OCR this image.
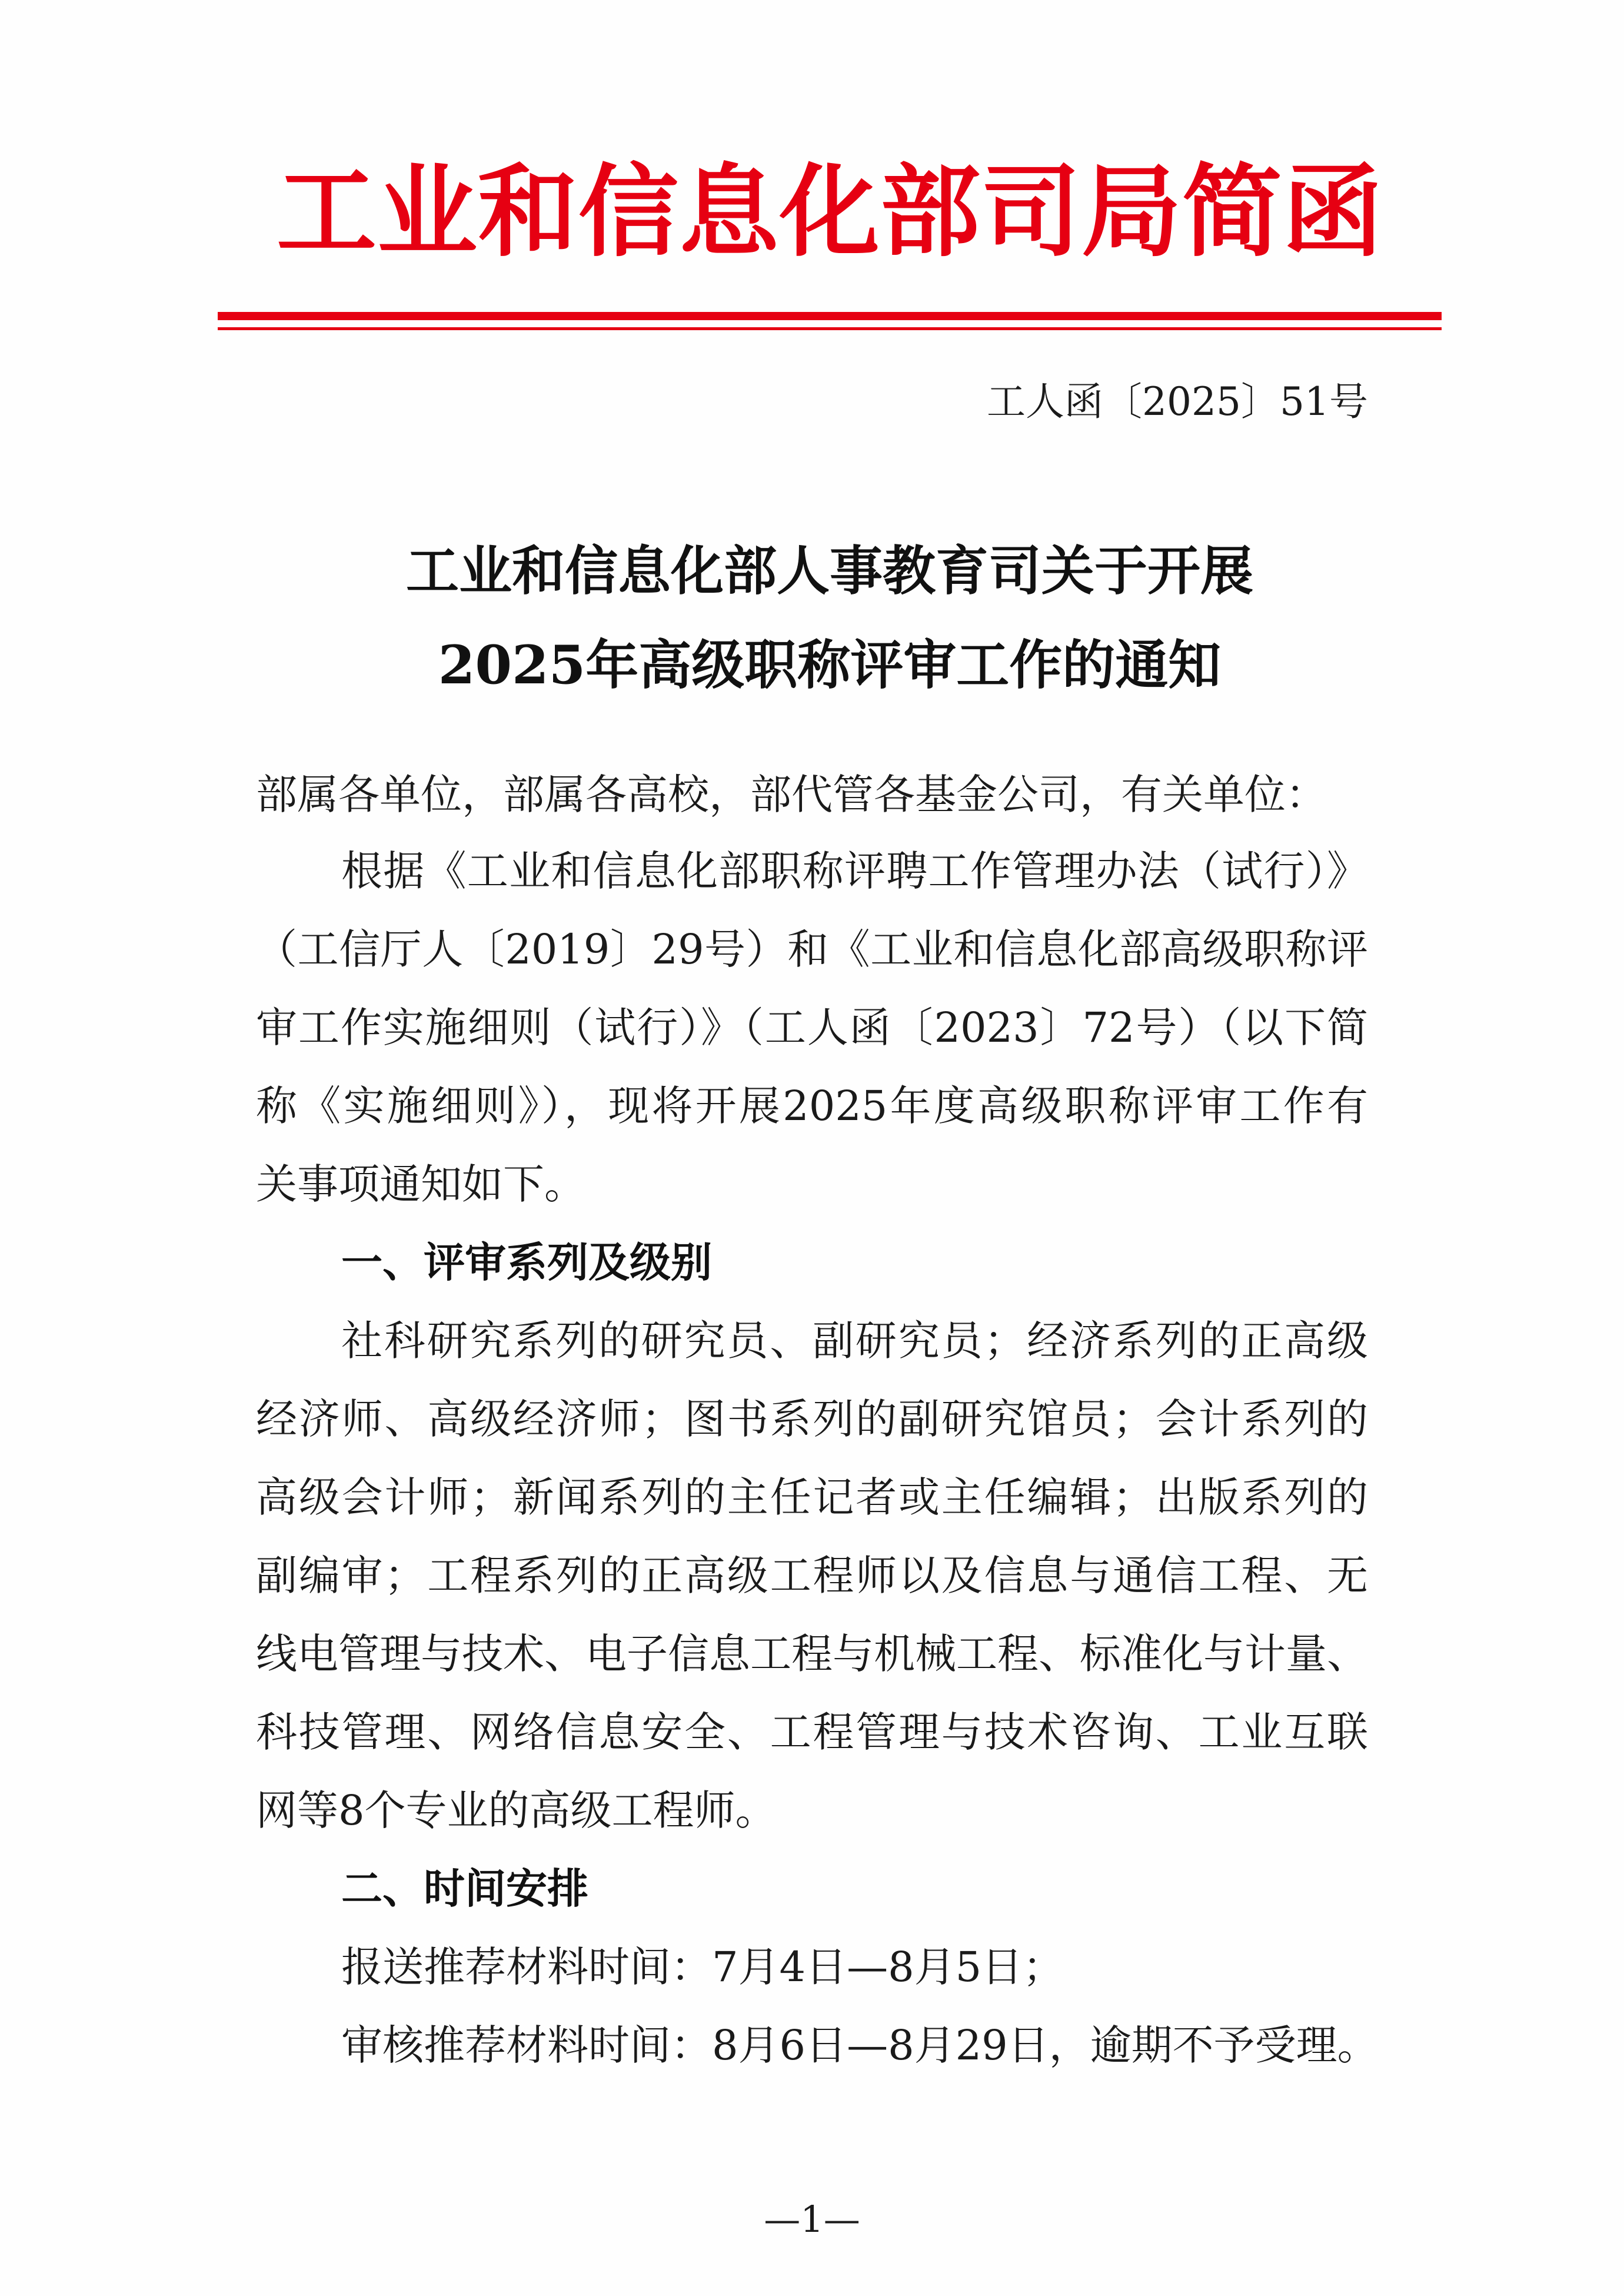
工 业 和 信 息 化 部 司 局 简 函
工人函〔2025〕51号
工业和信息化部人事教育司关于开展
2025年高级职称评审工作的通知
部属各单位，部属各高校，部代管各基金公司，有关单位：
根据《工业和信息化部职称评聘工作管理办法（试行）》
（工信厅人〔2019〕29号）和《工业和信息化部高级职称评
审工作实施细则（试行）》（工人函〔2023〕72号）（以下简
称《实施细则》），现将开展2025年度高级职称评审工作有
关事项通知如下。
一、评审系列及级别
社科研究系列的研究员、副研究员；经济系列的正高级
经济师、高级经济师；图书系列的副研究馆员；会计系列的
高级会计师；新闻系列的主任记者或主任编辑；出版系列的
副编审；工程系列的正高级工程师以及信息与通信工程、无
线电管理与技术、电子信息工程与机械工程、标准化与计量、
科技管理、网络信息安全、工程管理与技术咨询、工业互联
网等8个专业的高级工程师。
二、时间安排
报送推荐材料时间：7月4日—8月5日；
审核推荐材料时间：8月6日—8月29日，逾期不予受理。
—1—
